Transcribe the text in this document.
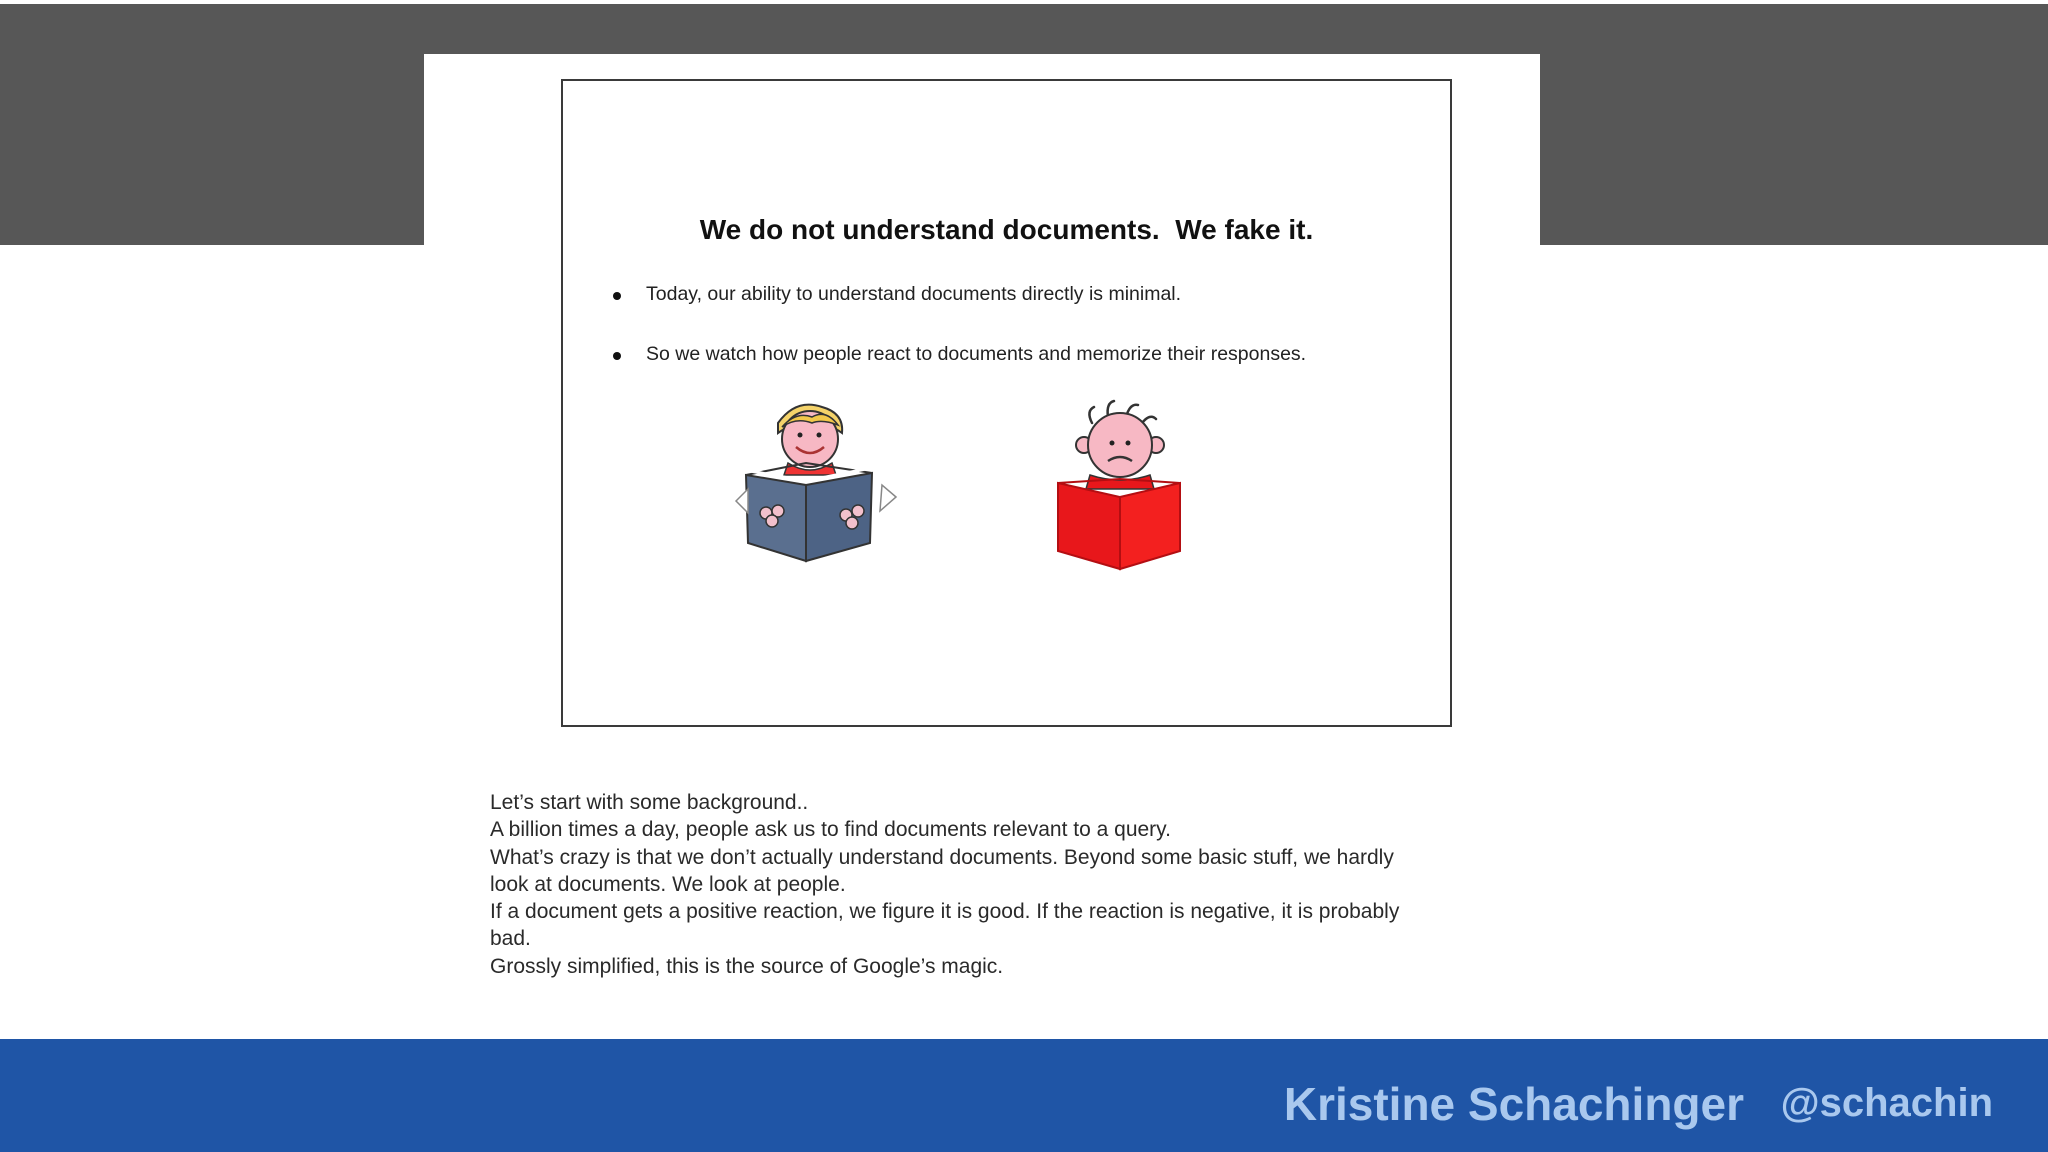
We do not understand documents.  We fake it.
Today, our ability to understand documents directly is minimal.
So we watch how people react to documents and memorize their responses.

Let’s start with some background..

A billion times a day, people ask us to find documents relevant to a query.

What’s crazy is that we don’t actually understand documents. Beyond some basic stuff, we hardly

look at documents. We look at people.

If a document gets a positive reaction, we figure it is good. If the reaction is negative, it is probably

bad.

Grossly simplified, this is the source of Google’s magic.

Kristine Schachinger @schachin
